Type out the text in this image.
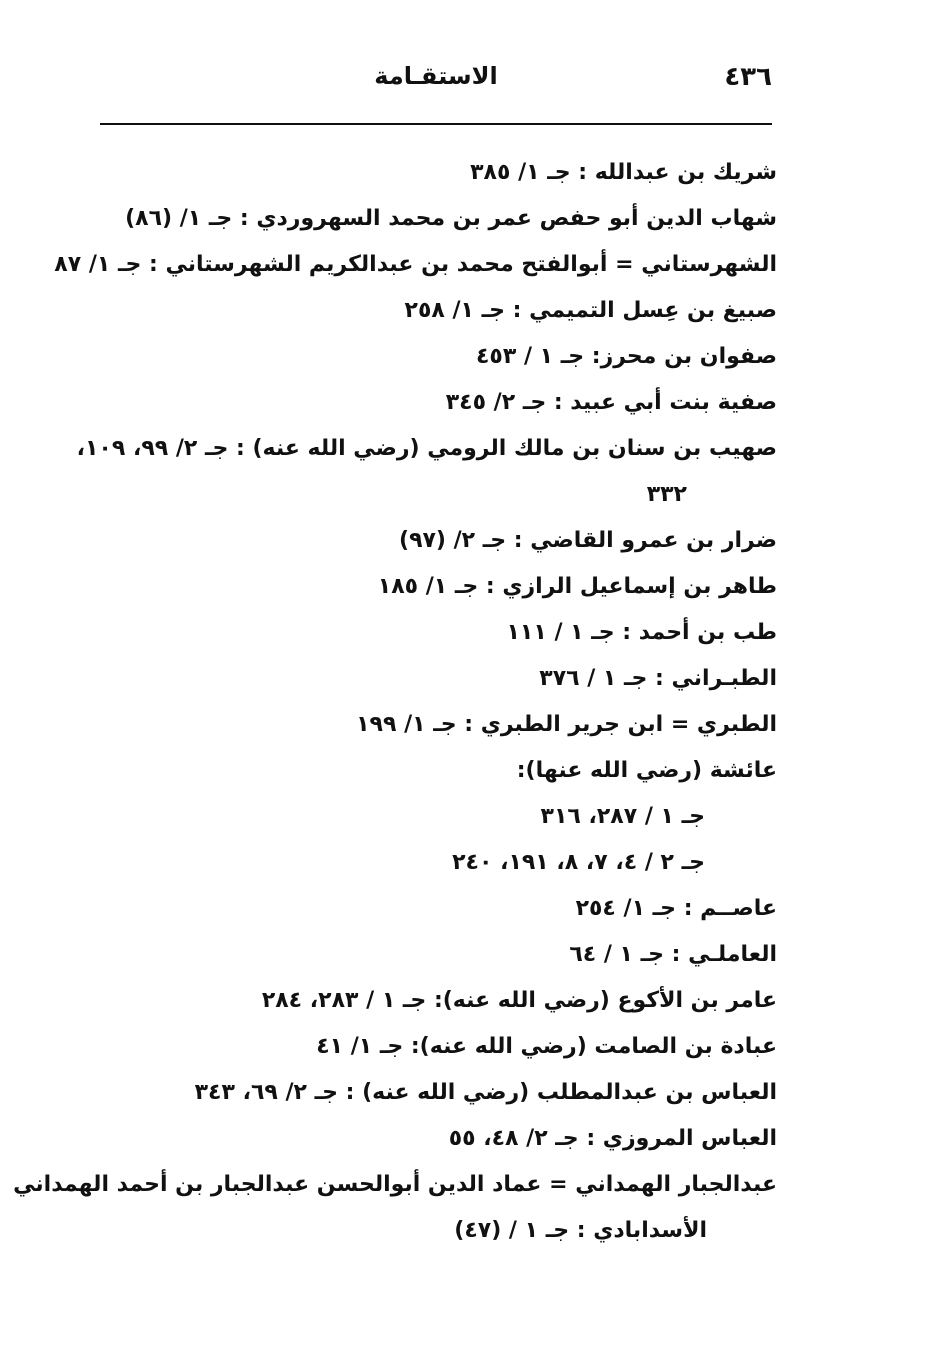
٤٣٦
الاستقـامة
شريك بن عبدالله : جـ ١/ ٣٨٥
شهاب الدين أبو حفص عمر بن محمد السهروردي : جـ ١/ (٨٦)
الشهرستاني = أبوالفتح محمد بن عبدالكريم الشهرستاني : جـ ١/ ٨٧
صبيغ بن عِسل التميمي : جـ ١/ ٢٥٨
صفوان بن محرز: جـ ١ / ٤٥٣
صفية بنت أبي عبيد : جـ ٢/ ٣٤٥
صهيب بن سنان بن مالك الرومي (رضي الله عنه) : جـ ٢/ ٩٩، ١٠٩،
٣٣٢
ضرار بن عمرو القاضي : جـ ٢/ (٩٧)
طاهر بن إسماعيل الرازي : جـ ١/ ١٨٥
طب بن أحمد : جـ ١ / ١١١
الطبـراني : جـ ١ / ٣٧٦
الطبري = ابن جرير الطبري : جـ ١/ ١٩٩
عائشة (رضي الله عنها):
جـ ١ / ٢٨٧، ٣١٦
جـ ٢ / ٤، ٧، ٨، ١٩١، ٢٤٠
عاصــم : جـ ١/ ٢٥٤
العاملـي : جـ ١ / ٦٤
عامر بن الأكوع (رضي الله عنه): جـ ١ / ٢٨٣، ٢٨٤
عبادة بن الصامت (رضي الله عنه): جـ ١/ ٤١
العباس بن عبدالمطلب (رضي الله عنه) : جـ ٢/ ٦٩، ٣٤٣
العباس المروزي : جـ ٢/ ٤٨، ٥٥
عبدالجبار الهمداني = عماد الدين أبوالحسن عبدالجبار بن أحمد الهمداني
الأسدابادي : جـ ١ / (٤٧)
